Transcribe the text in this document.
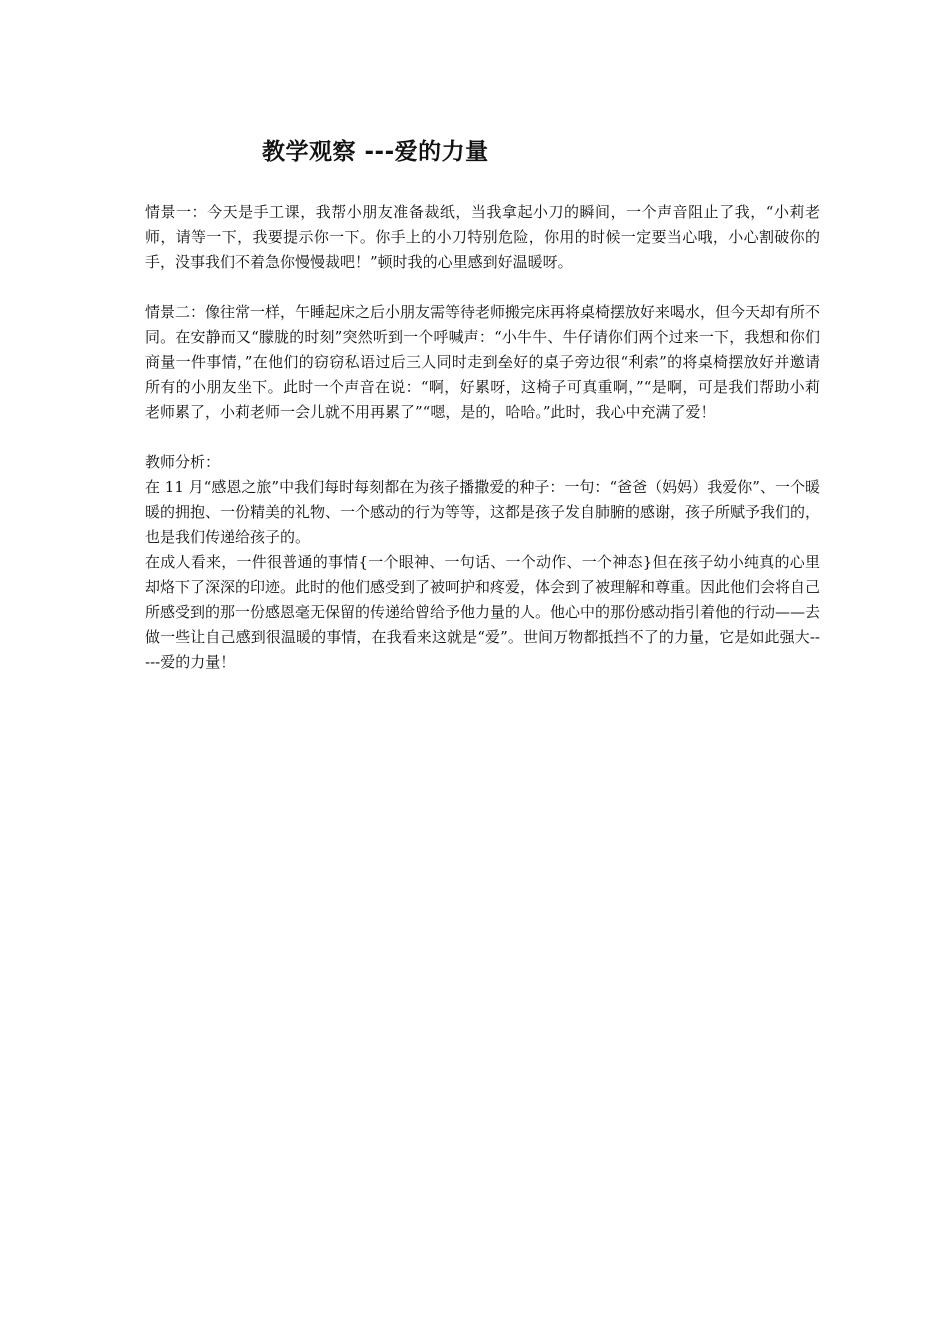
教学观察 ---爱的力量

情景一：今天是手工课，我帮小朋友准备裁纸，当我拿起小刀的瞬间，一个声音阻止了我，“小莉老师，请等一下，我要提示你一下。你手上的小刀特别危险，你用的时候一定要当心哦，小心割破你的手，没事我们不着急你慢慢裁吧！”顿时我的心里感到好温暖呀。

情景二：像往常一样，午睡起床之后小朋友需等待老师搬完床再将桌椅摆放好来喝水，但今天却有所不同。在安静而又“朦胧的时刻”突然听到一个呼喊声：“小牛牛、牛仔请你们两个过来一下，我想和你们商量一件事情，”在他们的窃窃私语过后三人同时走到垒好的桌子旁边很“利索”的将桌椅摆放好并邀请所有的小朋友坐下。此时一个声音在说：“啊，好累呀，这椅子可真重啊，”“是啊，可是我们帮助小莉老师累了，小莉老师一会儿就不用再累了”“嗯，是的，哈哈。”此时，我心中充满了爱！

教师分析：

在 11 月“感恩之旅”中我们每时每刻都在为孩子播撒爱的种子：一句：“爸爸（妈妈）我爱你”、一个暖暖的拥抱、一份精美的礼物、一个感动的行为等等，这都是孩子发自肺腑的感谢，孩子所赋予我们的，也是我们传递给孩子的。

在成人看来，一件很普通的事情{一个眼神、一句话、一个动作、一个神态}但在孩子幼小纯真的心里却烙下了深深的印迹。此时的他们感受到了被呵护和疼爱，体会到了被理解和尊重。因此他们会将自己所感受到的那一份感恩毫无保留的传递给曾给予他力量的人。他心中的那份感动指引着他的行动——去做一些让自己感到很温暖的事情，在我看来这就是“爱”。世间万物都抵挡不了的力量，它是如此强大-----爱的力量！
